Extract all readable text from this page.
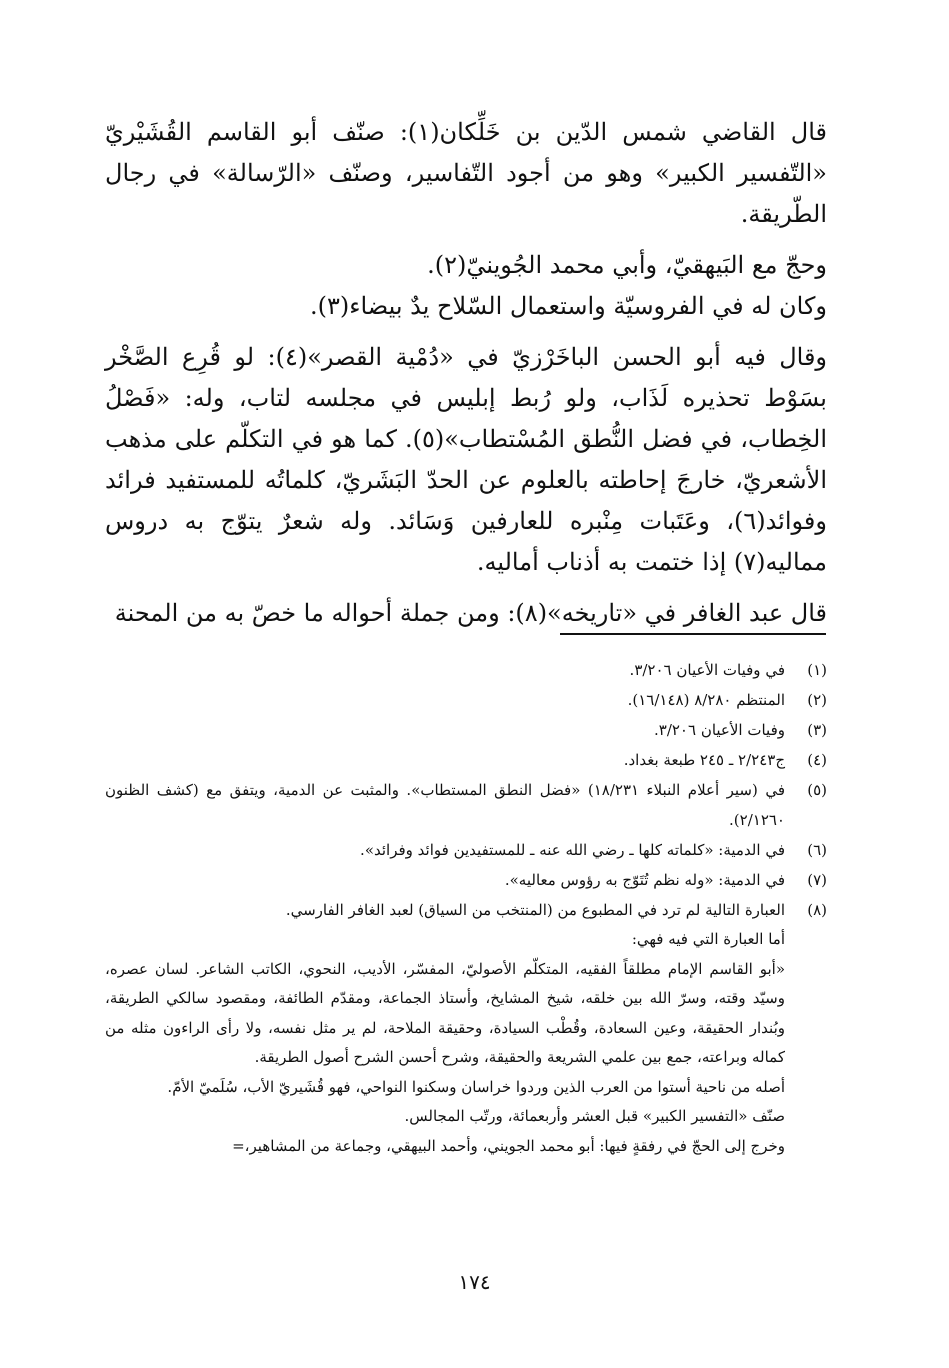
قال القاضي شمس الدّين بن خَلِّكان(١): صنّف أبو القاسم القُشَيْريّ «التّفسير الكبير» وهو من أجود التّفاسير، وصنّف «الرّسالة» في رجال الطّريقة.

وحجّ مع البَيهقيّ، وأبي محمد الجُوينيّ(٢).

وكان له في الفروسيّة واستعمال السّلاح يدٌ بيضاء(٣).

وقال فيه أبو الحسن الباخَرْزيّ في «دُمْية القصر»(٤): لو قُرِع الصَّخْر بسَوْط تحذيره لَذَاب، ولو رُبط إبليس في مجلسه لتاب، وله: «فَصْلُ الخِطاب، في فضل النُّطق المُسْتطاب»(٥). كما هو في التكلّم على مذهب الأشعريّ، خارجَ إحاطته بالعلوم عن الحدّ البَشَريّ، كلماتُه للمستفيد فرائد وفوائد(٦)، وعَتَبات مِنْبره للعارفين وَسَائد. وله شعرٌ يتوّج به دروس مماليه(٧) إذا ختمت به أذناب أماليه.

قال عبد الغافر في «تاريخه»(٨): ومن جملة أحواله ما خصّ به من المحنة

(١)
في وفيات الأعيان ٣/٢٠٦.
(٢)
المنتظم ٨/٢٨٠ (١٦/١٤٨).
(٣)
وفيات الأعيان ٣/٢٠٦.
(٤)
ج٢/٢٤٣ ـ ٢٤٥ طبعة بغداد.
(٥)
في (سير أعلام النبلاء ١٨/٢٣١) «فضل النطق المستطاب». والمثبت عن الدمية، ويتفق مع (كشف الظنون ٢/١٢٦٠).
(٦)
في الدمية: «كلماته كلها ـ رضي الله عنه ـ للمستفيدين فوائد وفرائد».
(٧)
في الدمية: «وله نظم تُتَوّج به رؤوس معاليه».
(٨)
العبارة التالية لم ترد في المطبوع من (المنتخب من السياق) لعبد الغافر الفارسي.
أما العبارة التي فيه فهي:
«أبو القاسم الإمام مطلقاً الفقيه، المتكلّم الأصوليّ، المفسّر، الأديب، النحوي، الكاتب الشاعر. لسان عصره، وسيّد وقته، وسرّ الله بين خلقه، شيخ المشايخ، وأستاذ الجماعة، ومقدّم الطائفة، ومقصود سالكي الطريقة، وبُندار الحقيقة، وعين السعادة، وقُطْب السيادة، وحقيقة الملاحة، لم ير مثل نفسه، ولا رأى الراءون مثله من كماله وبراعته، جمع بين علمي الشريعة والحقيقة، وشرح أحسن الشرح أصول الطريقة.
أصله من ناحية أستوا من العرب الذين وردوا خراسان وسكنوا النواحي، فهو قُشَيريّ الأب، سُلَميّ الأمّ.
صنّف «التفسير الكبير» قبل العشر وأربعمائة، ورتّب المجالس.
وخرج إلى الحجّ في رفقةٍ فيها: أبو محمد الجويني، وأحمد البيهقي، وجماعة من المشاهير،=
١٧٤
